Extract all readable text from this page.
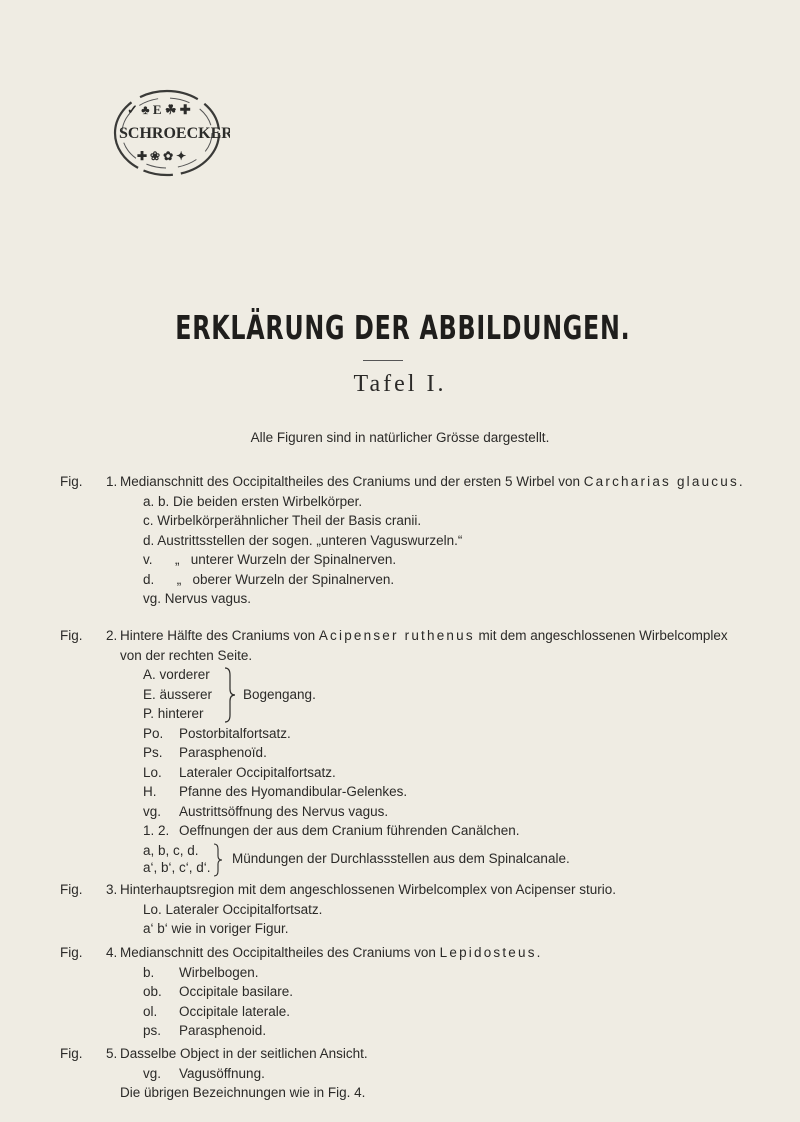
✓ ♣ E ☘ ✚
SCHROECKER
✚ ❀ ✿ ✦
ERKLÄRUNG DER ABBILDUNGEN.
Tafel I.
Alle Figuren sind in natürlicher Grösse dargestellt.
Fig. 1. Medianschnitt des Occipitaltheiles des Craniums und der ersten 5 Wirbel von Carcharias glaucus.
a. b. Die beiden ersten Wirbelkörper.
c. Wirbelkörperähnlicher Theil der Basis cranii.
d. Austrittsstellen der sogen. „unteren Vaguswurzeln.“
v.      „   unterer Wurzeln der Spinalnerven.
d.      „   oberer Wurzeln der Spinalnerven.
vg. Nervus vagus.
Fig. 2. Hintere Hälfte des Craniums von Acipenser ruthenus mit dem angeschlossenen Wirbelcomplex
von der rechten Seite.
A. vorderer
E. äusserer
P. hinterer
Bogengang.
Po. Postorbitalfortsatz.
Ps. Parasphenoïd.
Lo. Lateraler Occipitalfortsatz.
H. Pfanne des Hyomandibular-Gelenkes.
vg. Austrittsöffnung des Nervus vagus.
1. 2. Oeffnungen der aus dem Cranium führenden Canälchen.
a, b, c, d.
a‘, b‘, c‘, d‘.
Mündungen der Durchlassstellen aus dem Spinalcanale.
Fig. 3. Hinterhauptsregion mit dem angeschlossenen Wirbelcomplex von Acipenser sturio.
Lo. Lateraler Occipitalfortsatz.
a‘ b‘ wie in voriger Figur.
Fig. 4. Medianschnitt des Occipitaltheiles des Craniums von Lepidosteus.
b. Wirbelbogen.
ob. Occipitale basilare.
ol. Occipitale laterale.
ps. Parasphenoid.
Fig. 5. Dasselbe Object in der seitlichen Ansicht.
vg. Vagusöffnung.
Die übrigen Bezeichnungen wie in Fig. 4.
